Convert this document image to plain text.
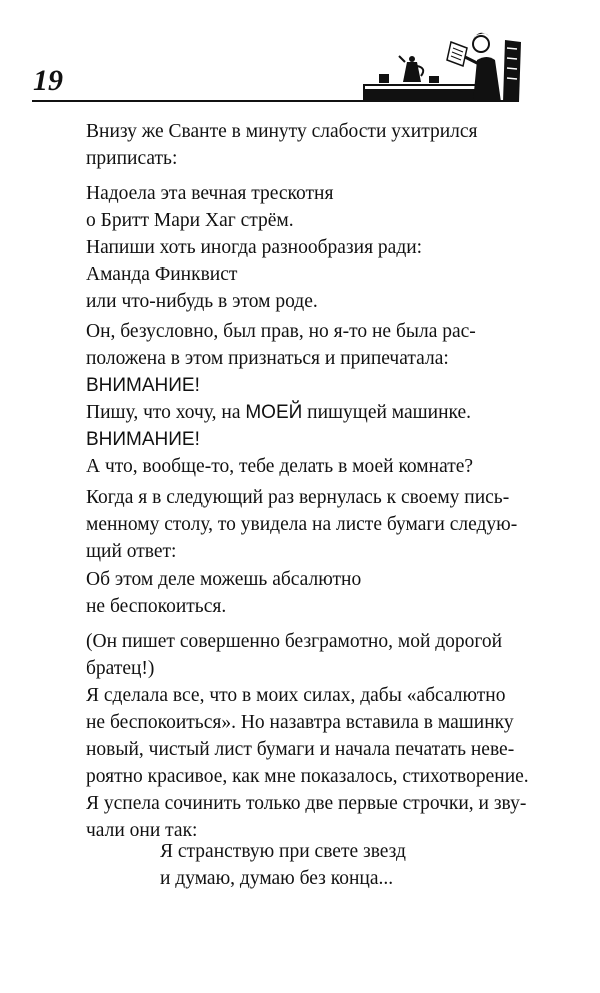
19

Внизу же Сванте в минуту слабости ухитрился
приписать:

Надоела эта вечная трескотня
о Бритт Мари Хаг стрём.
Напиши хоть иногда разнообразия ради:
Аманда Финквист
или что-нибудь в этом роде.
Он, безусловно, был прав, но я-то не была рас-
положена в этом признаться и припечатала:
ВНИМАНИЕ!
Пишу, что хочу, на МОЕЙ пишущей машинке.
ВНИМАНИЕ!
А что, вообще-то, тебе делать в моей комнате?
Когда я в следующий раз вернулась к своему пись-
менному столу, то увидела на листе бумаги следую-
щий ответ:
Об этом деле можешь абсалютно
не беспокоиться.
(Он пишет совершенно безграмотно, мой дорогой
братец!)
Я сделала все, что в моих силах, дабы «абсалютно
не беспокоиться». Но назавтра вставила в машинку
новый, чистый лист бумаги и начала печатать неве-
роятно красивое, как мне показалось, стихотворение.
Я успела сочинить только две первые строчки, и зву-
чали они так:
Я странствую при свете звезд
и думаю, думаю без конца...
